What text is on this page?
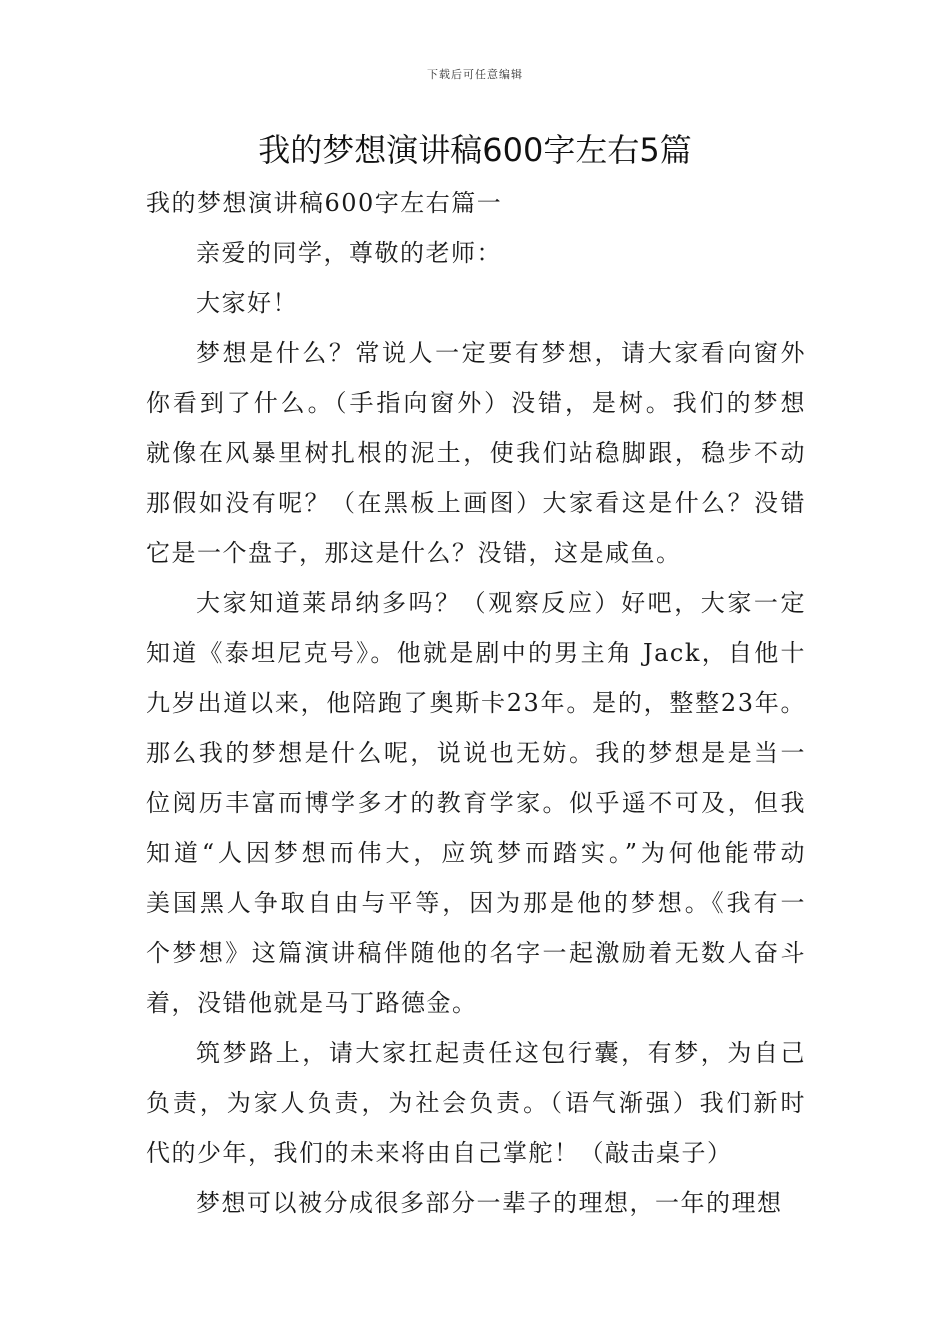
下载后可任意编辑
我的梦想演讲稿600字左右5篇
我的梦想演讲稿600字左右篇一
亲爱的同学，尊敬的老师：
大家好！
梦想是什么？常说人一定要有梦想，请大家看向窗外
你看到了什么。（手指向窗外）没错，是树。我们的梦想
就像在风暴里树扎根的泥土，使我们站稳脚跟，稳步不动
那假如没有呢？（在黑板上画图）大家看这是什么？没错
它是一个盘子，那这是什么？没错，这是咸鱼。
大家知道莱昂纳多吗？（观察反应）好吧，大家一定
知道《泰坦尼克号》。他就是剧中的男主角 Jack，自他十
九岁出道以来，他陪跑了奥斯卡23年。是的，整整23年。
那么我的梦想是什么呢，说说也无妨。我的梦想是是当一
位阅历丰富而博学多才的教育学家。似乎遥不可及，但我
知道“人因梦想而伟大，应筑梦而踏实。”为何他能带动
美国黑人争取自由与平等，因为那是他的梦想。《我有一
个梦想》这篇演讲稿伴随他的名字一起激励着无数人奋斗
着，没错他就是马丁路德金。
筑梦路上，请大家扛起责任这包行囊，有梦，为自己
负责，为家人负责，为社会负责。（语气渐强）我们新时
代的少年，我们的未来将由自己掌舵！（敲击桌子）
梦想可以被分成很多部分一辈子的理想，一年的理想
